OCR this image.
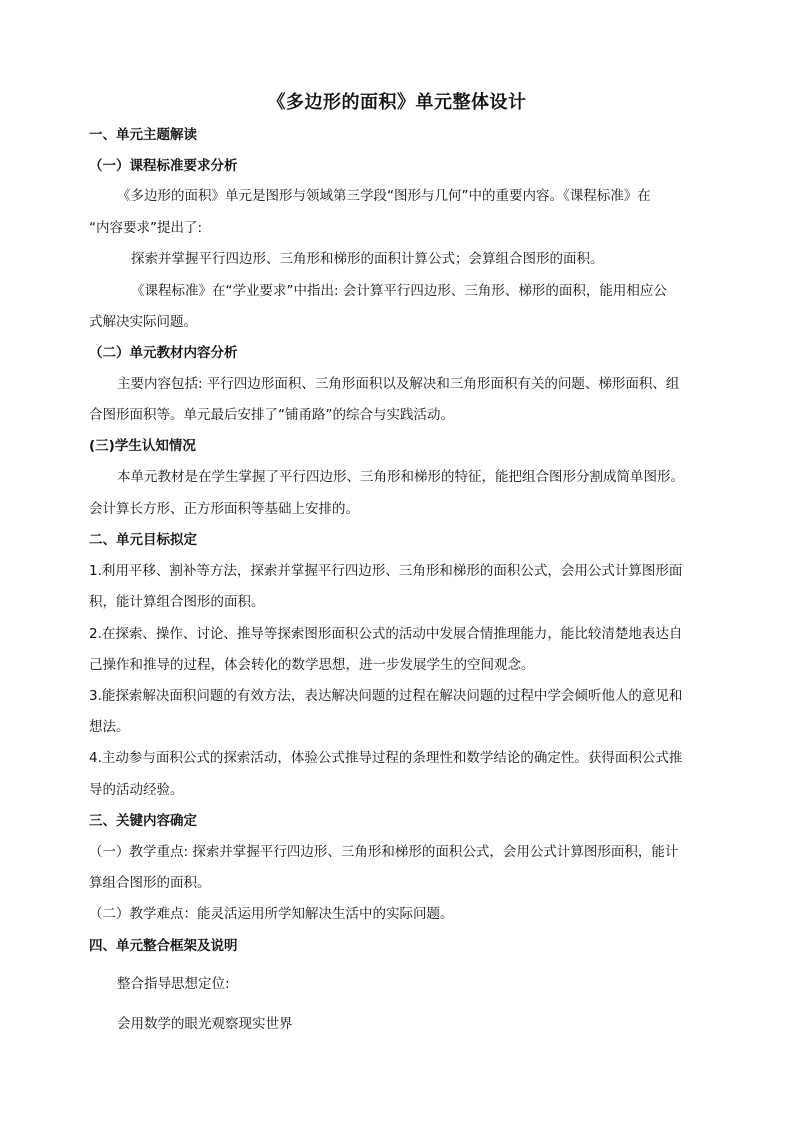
《多边形的面积》单元整体设计
一、单元主题解读
（一）课程标准要求分析
《多边形的面积》单元是图形与领域第三学段“图形与几何”中的重要内容。《课程标准》在
“内容要求”提出了:
探索并掌握平行四边形、三角形和梯形的面积计算公式；会算组合图形的面积。
《课程标准》在“学业要求”中指出: 会计算平行四边形、三角形、梯形的面积，能用相应公
式解决实际问题。
（二）单元教材内容分析
主要内容包括: 平行四边形面积、三角形面积以及解决和三角形面积有关的问题、梯形面积、组
合图形面积等。单元最后安排了“铺甬路”的综合与实践活动。
(三)学生认知情况
本单元教材是在学生掌握了平行四边形、三角形和梯形的特征，能把组合图形分割成简单图形。
会计算长方形、正方形面积等基础上安排的。
二、单元目标拟定
1.利用平移、割补等方法，探索并掌握平行四边形、三角形和梯形的面积公式，会用公式计算图形面
积，能计算组合图形的面积。
2.在探索、操作、讨论、推导等探索图形面积公式的活动中发展合情推理能力，能比较清楚地表达自
己操作和推导的过程，体会转化的数学思想，进一步发展学生的空间观念。
3.能探索解决面积问题的有效方法，表达解决问题的过程在解决问题的过程中学会倾听他人的意见和
想法。
4.主动参与面积公式的探索活动，体验公式推导过程的条理性和数学结论的确定性。获得面积公式推
导的活动经验。
三、关键内容确定
（一）教学重点: 探索并掌握平行四边形、三角形和梯形的面积公式，会用公式计算图形面积，能计
算组合图形的面积。
（二）教学难点：能灵活运用所学知解决生活中的实际问题。
四、单元整合框架及说明
整合指导思想定位:
会用数学的眼光观察现实世界
